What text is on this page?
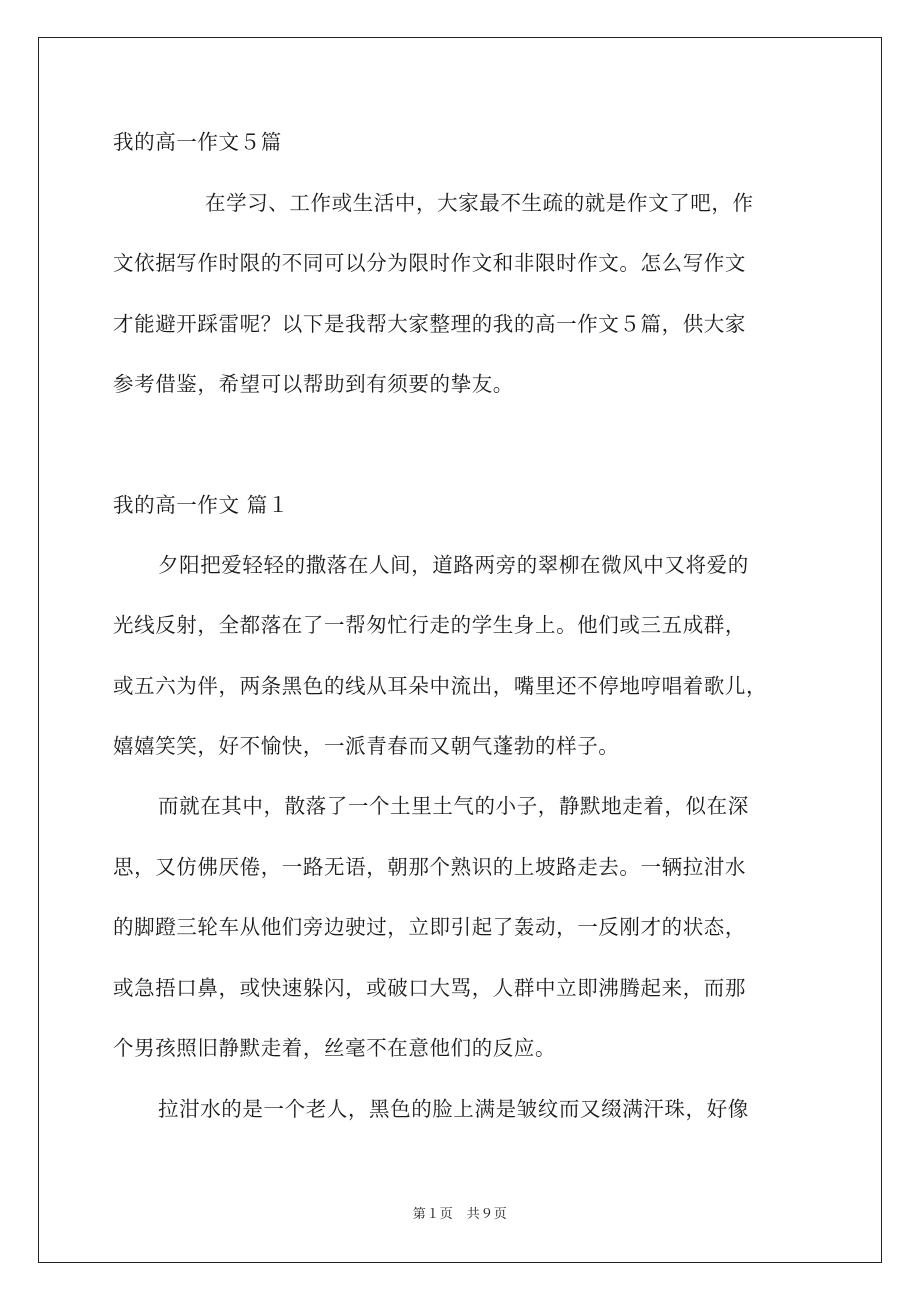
我的高一作文５篇
在学习、工作或生活中，大家最不生疏的就是作文了吧，作
文依据写作时限的不同可以分为限时作文和非限时作文。怎么写作文
才能避开踩雷呢？以下是我帮大家整理的我的高一作文５篇，供大家
参考借鉴，希望可以帮助到有须要的挚友。
我的高一作文 篇１
夕阳把爱轻轻的撒落在人间，道路两旁的翠柳在微风中又将爱的
光线反射，全都落在了一帮匆忙行走的学生身上。他们或三五成群，
或五六为伴，两条黑色的线从耳朵中流出，嘴里还不停地哼唱着歌儿，
嬉嬉笑笑，好不愉快，一派青春而又朝气蓬勃的样子。
而就在其中，散落了一个土里土气的小子，静默地走着，似在深
思，又仿佛厌倦，一路无语，朝那个熟识的上坡路走去。一辆拉泔水
的脚蹬三轮车从他们旁边驶过，立即引起了轰动，一反刚才的状态，
或急捂口鼻，或快速躲闪，或破口大骂，人群中立即沸腾起来，而那
个男孩照旧静默走着，丝毫不在意他们的反应。
拉泔水的是一个老人，黑色的脸上满是皱纹而又缀满汗珠，好像
第１页　共９页
